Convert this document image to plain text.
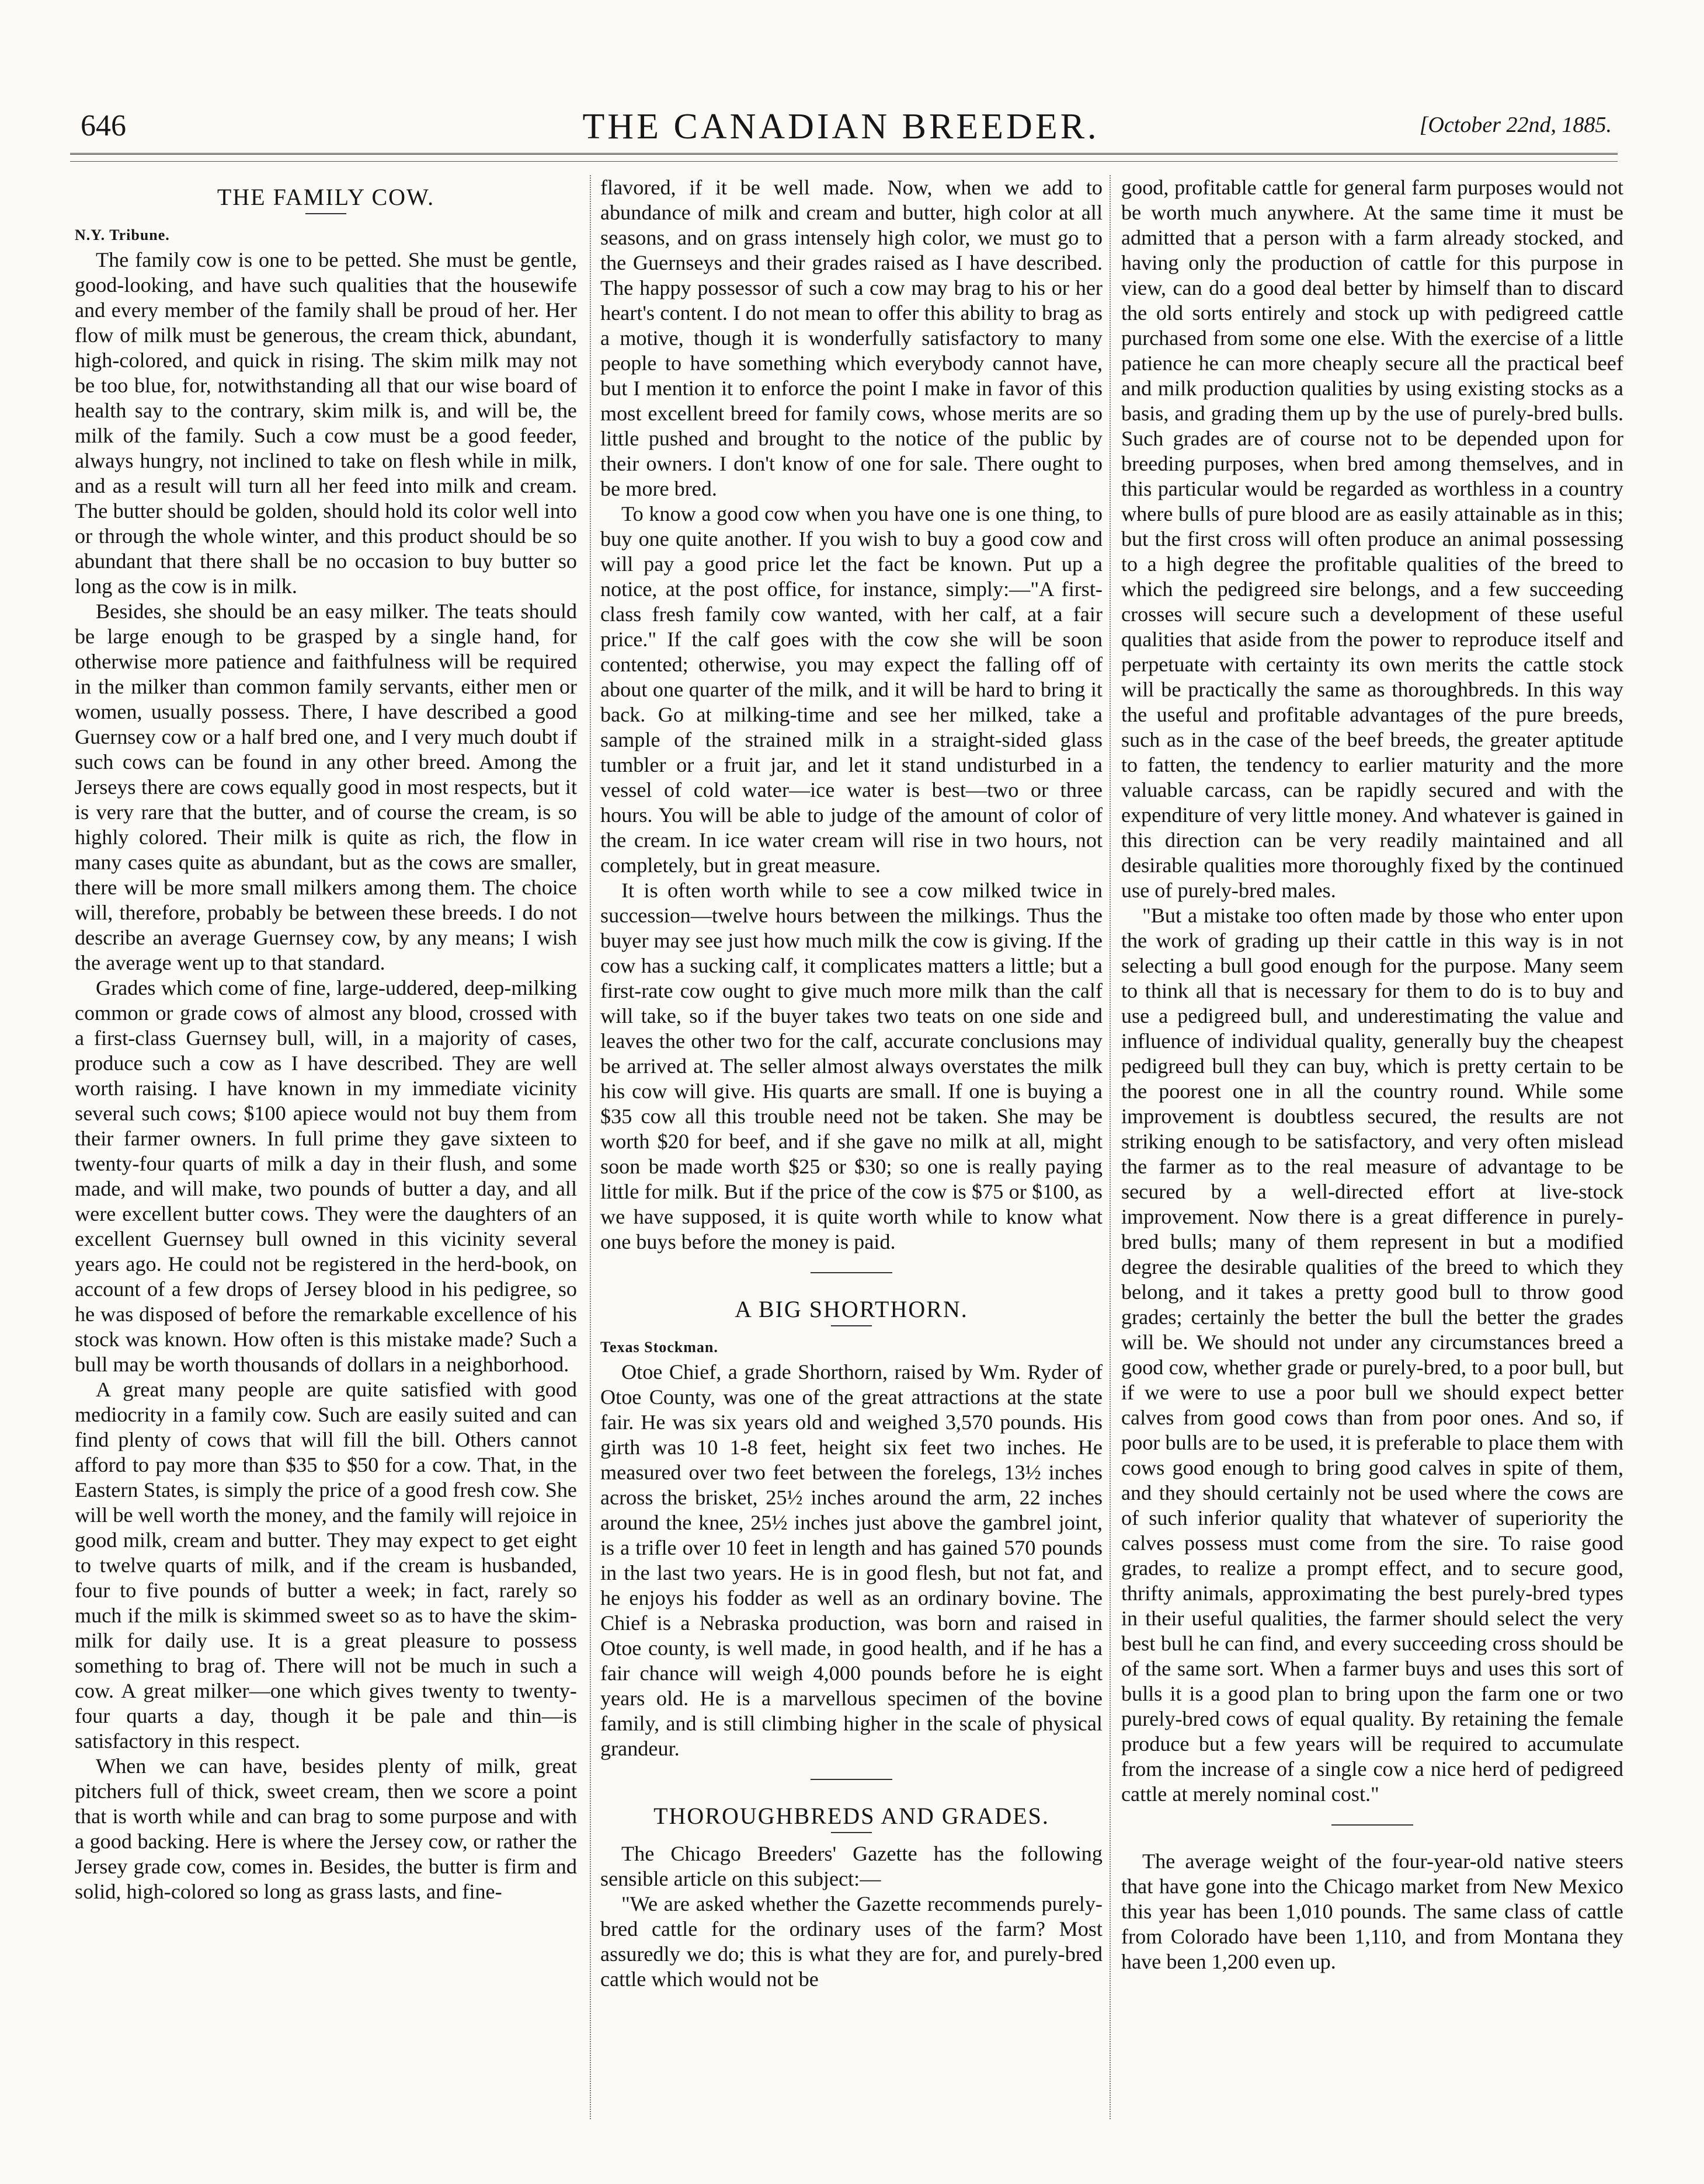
646	THE CANADIAN BREEDER.	[October 22nd, 1885.
THE FAMILY COW.

N.Y. Tribune.

The family cow is one to be petted. She must be gentle, good-looking, and have such qualities that the housewife and every member of the family shall be proud of her. Her flow of milk must be generous, the cream thick, abundant, high-colored, and quick in rising. The skim milk may not be too blue, for, notwithstanding all that our wise board of health say to the contrary, skim milk is, and will be, the milk of the family. Such a cow must be a good feeder, always hungry, not inclined to take on flesh while in milk, and as a result will turn all her feed into milk and cream. The butter should be golden, should hold its color well into or through the whole winter, and this product should be so abundant that there shall be no occasion to buy butter so long as the cow is in milk.

Besides, she should be an easy milker. The teats should be large enough to be grasped by a single hand, for otherwise more patience and faithfulness will be required in the milker than common family servants, either men or women, usually possess. There, I have described a good Guernsey cow or a half bred one, and I very much doubt if such cows can be found in any other breed. Among the Jerseys there are cows equally good in most respects, but it is very rare that the butter, and of course the cream, is so highly colored. Their milk is quite as rich, the flow in many cases quite as abundant, but as the cows are smaller, there will be more small milkers among them. The choice will, therefore, probably be between these breeds. I do not describe an average Guernsey cow, by any means; I wish the average went up to that standard.

Grades which come of fine, large-uddered, deep-milking common or grade cows of almost any blood, crossed with a first-class Guernsey bull, will, in a majority of cases, produce such a cow as I have described. They are well worth raising. I have known in my immediate vicinity several such cows; $100 apiece would not buy them from their farmer owners. In full prime they gave sixteen to twenty-four quarts of milk a day in their flush, and some made, and will make, two pounds of butter a day, and all were excellent butter cows. They were the daughters of an excellent Guernsey bull owned in this vicinity several years ago. He could not be registered in the herd-book, on account of a few drops of Jersey blood in his pedigree, so he was disposed of before the remarkable excellence of his stock was known. How often is this mistake made? Such a bull may be worth thousands of dollars in a neighborhood.

A great many people are quite satisfied with good mediocrity in a family cow. Such are easily suited and can find plenty of cows that will fill the bill. Others cannot afford to pay more than $35 to $50 for a cow. That, in the Eastern States, is simply the price of a good fresh cow. She will be well worth the money, and the family will rejoice in good milk, cream and butter. They may expect to get eight to twelve quarts of milk, and if the cream is husbanded, four to five pounds of butter a week; in fact, rarely so much if the milk is skimmed sweet so as to have the skim-milk for daily use. It is a great pleasure to possess something to brag of. There will not be much in such a cow. A great milker—one which gives twenty to twenty-four quarts a day, though it be pale and thin—is satisfactory in this respect.

When we can have, besides plenty of milk, great pitchers full of thick, sweet cream, then we score a point that is worth while and can brag to some purpose and with a good backing. Here is where the Jersey cow, or rather the Jersey grade cow, comes in. Besides, the butter is firm and solid, high-colored so long as grass lasts, and fine-

flavored, if it be well made. Now, when we add to abundance of milk and cream and butter, high color at all seasons, and on grass intensely high color, we must go to the Guernseys and their grades raised as I have described. The happy possessor of such a cow may brag to his or her heart's content. I do not mean to offer this ability to brag as a motive, though it is wonderfully satisfactory to many people to have something which everybody cannot have, but I mention it to enforce the point I make in favor of this most excellent breed for family cows, whose merits are so little pushed and brought to the notice of the public by their owners. I don't know of one for sale. There ought to be more bred.

To know a good cow when you have one is one thing, to buy one quite another. If you wish to buy a good cow and will pay a good price let the fact be known. Put up a notice, at the post office, for instance, simply:—"A first-class fresh family cow wanted, with her calf, at a fair price." If the calf goes with the cow she will be soon contented; otherwise, you may expect the falling off of about one quarter of the milk, and it will be hard to bring it back. Go at milking-time and see her milked, take a sample of the strained milk in a straight-sided glass tumbler or a fruit jar, and let it stand undisturbed in a vessel of cold water—ice water is best—two or three hours. You will be able to judge of the amount of color of the cream. In ice water cream will rise in two hours, not completely, but in great measure.

It is often worth while to see a cow milked twice in succession—twelve hours between the milkings. Thus the buyer may see just how much milk the cow is giving. If the cow has a sucking calf, it complicates matters a little; but a first-rate cow ought to give much more milk than the calf will take, so if the buyer takes two teats on one side and leaves the other two for the calf, accurate conclusions may be arrived at. The seller almost always overstates the milk his cow will give. His quarts are small. If one is buying a $35 cow all this trouble need not be taken. She may be worth $20 for beef, and if she gave no milk at all, might soon be made worth $25 or $30; so one is really paying little for milk. But if the price of the cow is $75 or $100, as we have supposed, it is quite worth while to know what one buys before the money is paid.

A BIG SHORTHORN.

Texas Stockman.

Otoe Chief, a grade Shorthorn, raised by Wm. Ryder of Otoe County, was one of the great attractions at the state fair. He was six years old and weighed 3,570 pounds. His girth was 10 1-8 feet, height six feet two inches. He measured over two feet between the forelegs, 13½ inches across the brisket, 25½ inches around the arm, 22 inches around the knee, 25½ inches just above the gambrel joint, is a trifle over 10 feet in length and has gained 570 pounds in the last two years. He is in good flesh, but not fat, and he enjoys his fodder as well as an ordinary bovine. The Chief is a Nebraska production, was born and raised in Otoe county, is well made, in good health, and if he has a fair chance will weigh 4,000 pounds before he is eight years old. He is a marvellous specimen of the bovine family, and is still climbing higher in the scale of physical grandeur.

THOROUGHBREDS AND GRADES.

The Chicago Breeders' Gazette has the following sensible article on this subject:—

"We are asked whether the Gazette recommends purely-bred cattle for the ordinary uses of the farm? Most assuredly we do; this is what they are for, and purely-bred cattle which would not be

good, profitable cattle for general farm purposes would not be worth much anywhere. At the same time it must be admitted that a person with a farm already stocked, and having only the production of cattle for this purpose in view, can do a good deal better by himself than to discard the old sorts entirely and stock up with pedigreed cattle purchased from some one else. With the exercise of a little patience he can more cheaply secure all the practical beef and milk production qualities by using existing stocks as a basis, and grading them up by the use of purely-bred bulls. Such grades are of course not to be depended upon for breeding purposes, when bred among themselves, and in this particular would be regarded as worthless in a country where bulls of pure blood are as easily attainable as in this; but the first cross will often produce an animal possessing to a high degree the profitable qualities of the breed to which the pedigreed sire belongs, and a few succeeding crosses will secure such a development of these useful qualities that aside from the power to reproduce itself and perpetuate with certainty its own merits the cattle stock will be practically the same as thoroughbreds. In this way the useful and profitable advantages of the pure breeds, such as in the case of the beef breeds, the greater aptitude to fatten, the tendency to earlier maturity and the more valuable carcass, can be rapidly secured and with the expenditure of very little money. And whatever is gained in this direction can be very readily maintained and all desirable qualities more thoroughly fixed by the continued use of purely-bred males.

"But a mistake too often made by those who enter upon the work of grading up their cattle in this way is in not selecting a bull good enough for the purpose. Many seem to think all that is necessary for them to do is to buy and use a pedigreed bull, and underestimating the value and influence of individual quality, generally buy the cheapest pedigreed bull they can buy, which is pretty certain to be the poorest one in all the country round. While some improvement is doubtless secured, the results are not striking enough to be satisfactory, and very often mislead the farmer as to the real measure of advantage to be secured by a well-directed effort at live-stock improvement. Now there is a great difference in purely-bred bulls; many of them represent in but a modified degree the desirable qualities of the breed to which they belong, and it takes a pretty good bull to throw good grades; certainly the better the bull the better the grades will be. We should not under any circumstances breed a good cow, whether grade or purely-bred, to a poor bull, but if we were to use a poor bull we should expect better calves from good cows than from poor ones. And so, if poor bulls are to be used, it is preferable to place them with cows good enough to bring good calves in spite of them, and they should certainly not be used where the cows are of such inferior quality that whatever of superiority the calves possess must come from the sire. To raise good grades, to realize a prompt effect, and to secure good, thrifty animals, approximating the best purely-bred types in their useful qualities, the farmer should select the very best bull he can find, and every succeeding cross should be of the same sort. When a farmer buys and uses this sort of bulls it is a good plan to bring upon the farm one or two purely-bred cows of equal quality. By retaining the female produce but a few years will be required to accumulate from the increase of a single cow a nice herd of pedigreed cattle at merely nominal cost."

The average weight of the four-year-old native steers that have gone into the Chicago market from New Mexico this year has been 1,010 pounds. The same class of cattle from Colorado have been 1,110, and from Montana they have been 1,200 even up.
